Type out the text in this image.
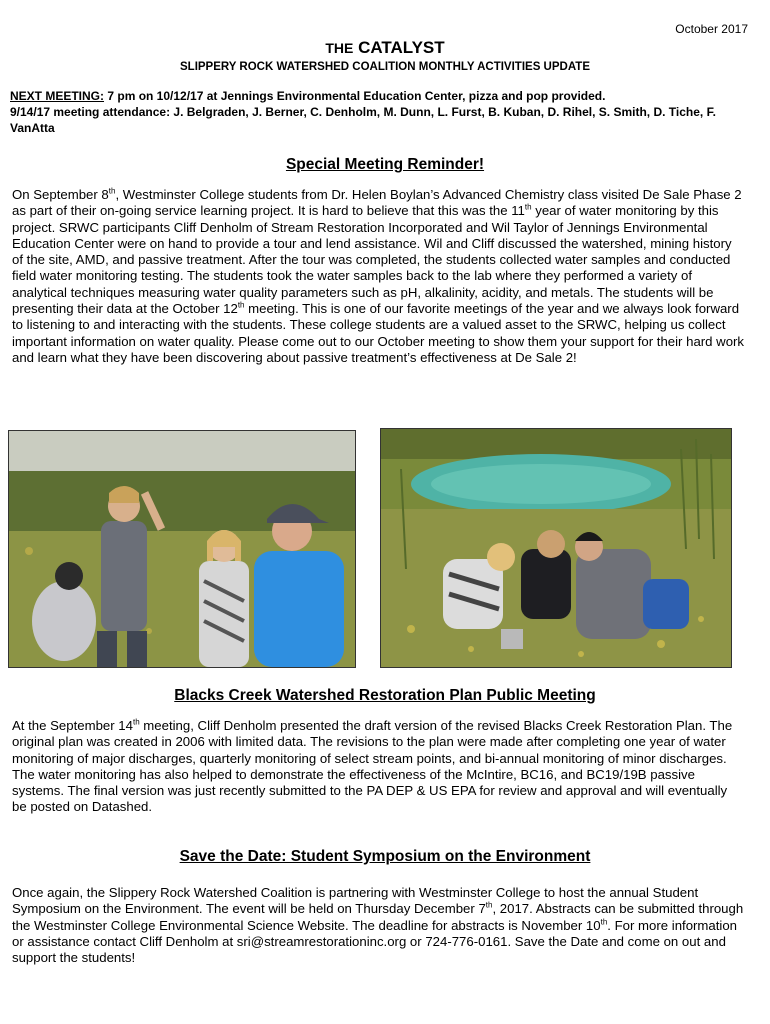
October 2017
THE CATALYST
SLIPPERY ROCK WATERSHED COALITION MONTHLY ACTIVITIES UPDATE
NEXT MEETING: 7 pm on 10/12/17 at Jennings Environmental Education Center, pizza and pop provided.
9/14/17 meeting attendance: J. Belgraden, J. Berner, C. Denholm, M. Dunn, L. Furst, B. Kuban, D. Rihel, S. Smith, D. Tiche, F. VanAtta
Special Meeting Reminder!

On September 8th, Westminster College students from Dr. Helen Boylan’s Advanced Chemistry class visited De Sale Phase 2 as part of their on-going service learning project. It is hard to believe that this was the 11th year of water monitoring by this project. SRWC participants Cliff Denholm of Stream Restoration Incorporated and Wil Taylor of Jennings Environmental Education Center were on hand to provide a tour and lend assistance. Wil and Cliff discussed the watershed, mining history of the site, AMD, and passive treatment. After the tour was completed, the students collected water samples and conducted field water monitoring testing. The students took the water samples back to the lab where they performed a variety of analytical techniques measuring water quality parameters such as pH, alkalinity, acidity, and metals. The students will be presenting their data at the October 12th meeting. This is one of our favorite meetings of the year and we always look forward to listening to and interacting with the students. These college students are a valued asset to the SRWC, helping us collect important information on water quality. Please come out to our October meeting to show them your support for their hard work and learn what they have been discovering about passive treatment’s effectiveness at De Sale 2!

Blacks Creek Watershed Restoration Plan Public Meeting

At the September 14th meeting, Cliff Denholm presented the draft version of the revised Blacks Creek Restoration Plan. The original plan was created in 2006 with limited data. The revisions to the plan were made after completing one year of water monitoring of major discharges, quarterly monitoring of select stream points, and bi-annual monitoring of minor discharges. The water monitoring has also helped to demonstrate the effectiveness of the McIntire, BC16, and BC19/19B passive systems. The final version was just recently submitted to the PA DEP & US EPA for review and approval and will eventually be posted on Datashed.

Save the Date: Student Symposium on the Environment

Once again, the Slippery Rock Watershed Coalition is partnering with Westminster College to host the annual Student Symposium on the Environment. The event will be held on Thursday December 7th, 2017. Abstracts can be submitted through the Westminster College Environmental Science Website. The deadline for abstracts is November 10th. For more information or assistance contact Cliff Denholm at sri@streamrestorationinc.org or 724-776-0161. Save the Date and come on out and support the students!
